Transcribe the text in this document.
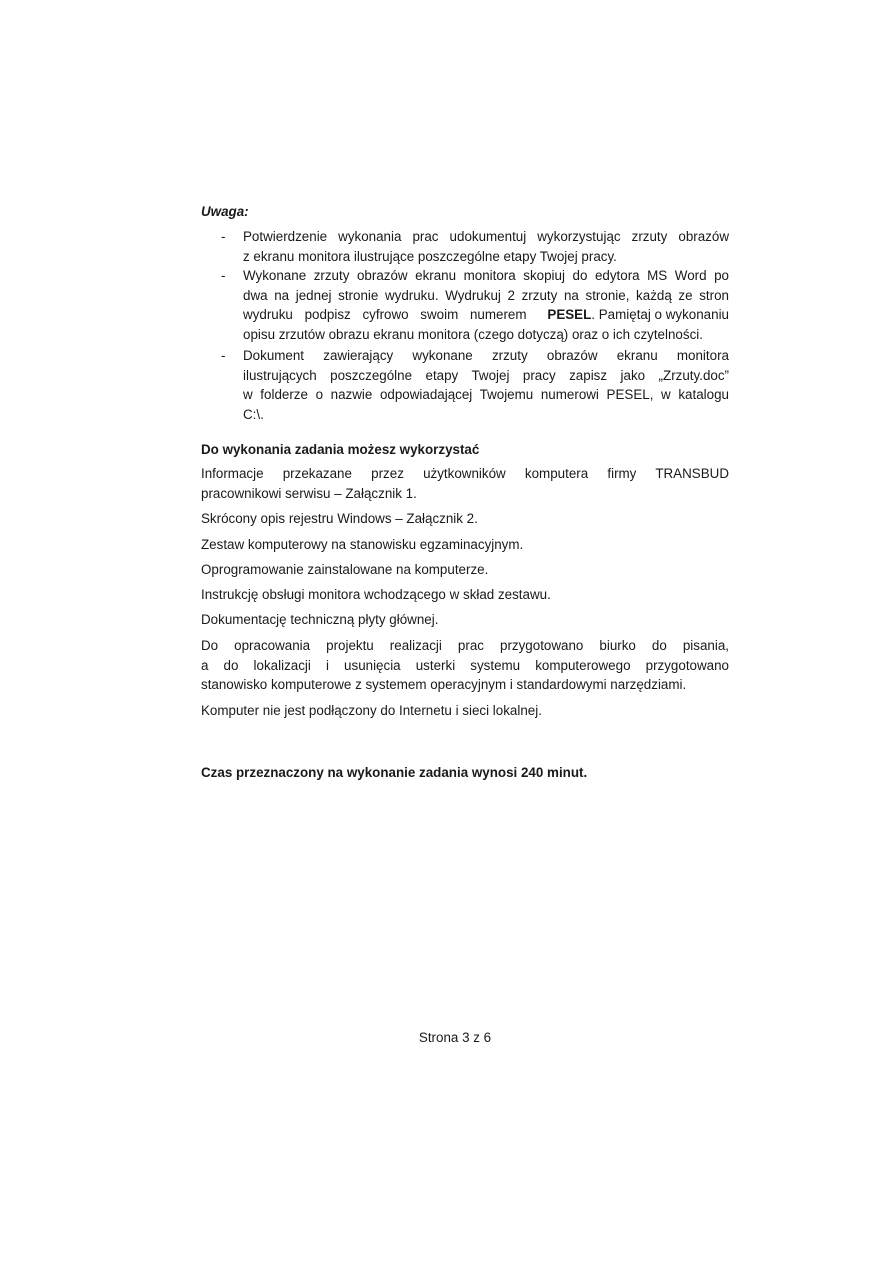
Uwaga:
- Potwierdzenie wykonania prac udokumentuj wykorzystując zrzuty obrazów
z ekranu monitora ilustrujące poszczególne etapy Twojej pracy.
- Wykonane zrzuty obrazów ekranu monitora skopiuj do edytora MS Word po
dwa na jednej stronie wydruku. Wydrukuj 2 zrzuty na stronie, każdą ze stron
wydruku podpisz cyfrowo swoim numerem PESEL. Pamiętaj o wykonaniu
opisu zrzutów obrazu ekranu monitora (czego dotyczą) oraz o ich czytelności.
- Dokument zawierający wykonane zrzuty obrazów ekranu monitora
ilustrujących poszczególne etapy Twojej pracy zapisz jako „Zrzuty.doc”
w folderze o nazwie odpowiadającej Twojemu numerowi PESEL, w katalogu
C:\.
Do wykonania zadania możesz wykorzystać
Informacje przekazane przez użytkowników komputera firmy TRANSBUD
pracownikowi serwisu – Załącznik 1.
Skrócony opis rejestru Windows – Załącznik 2.
Zestaw komputerowy na stanowisku egzaminacyjnym.
Oprogramowanie zainstalowane na komputerze.
Instrukcję obsługi monitora wchodzącego w skład zestawu.
Dokumentację techniczną płyty głównej.
Do opracowania projektu realizacji prac przygotowano biurko do pisania,
a do lokalizacji i usunięcia usterki systemu komputerowego przygotowano
stanowisko komputerowe z systemem operacyjnym i standardowymi narzędziami.
Komputer nie jest podłączony do Internetu i sieci lokalnej.
Czas przeznaczony na wykonanie zadania wynosi 240 minut.
Strona 3 z 6
